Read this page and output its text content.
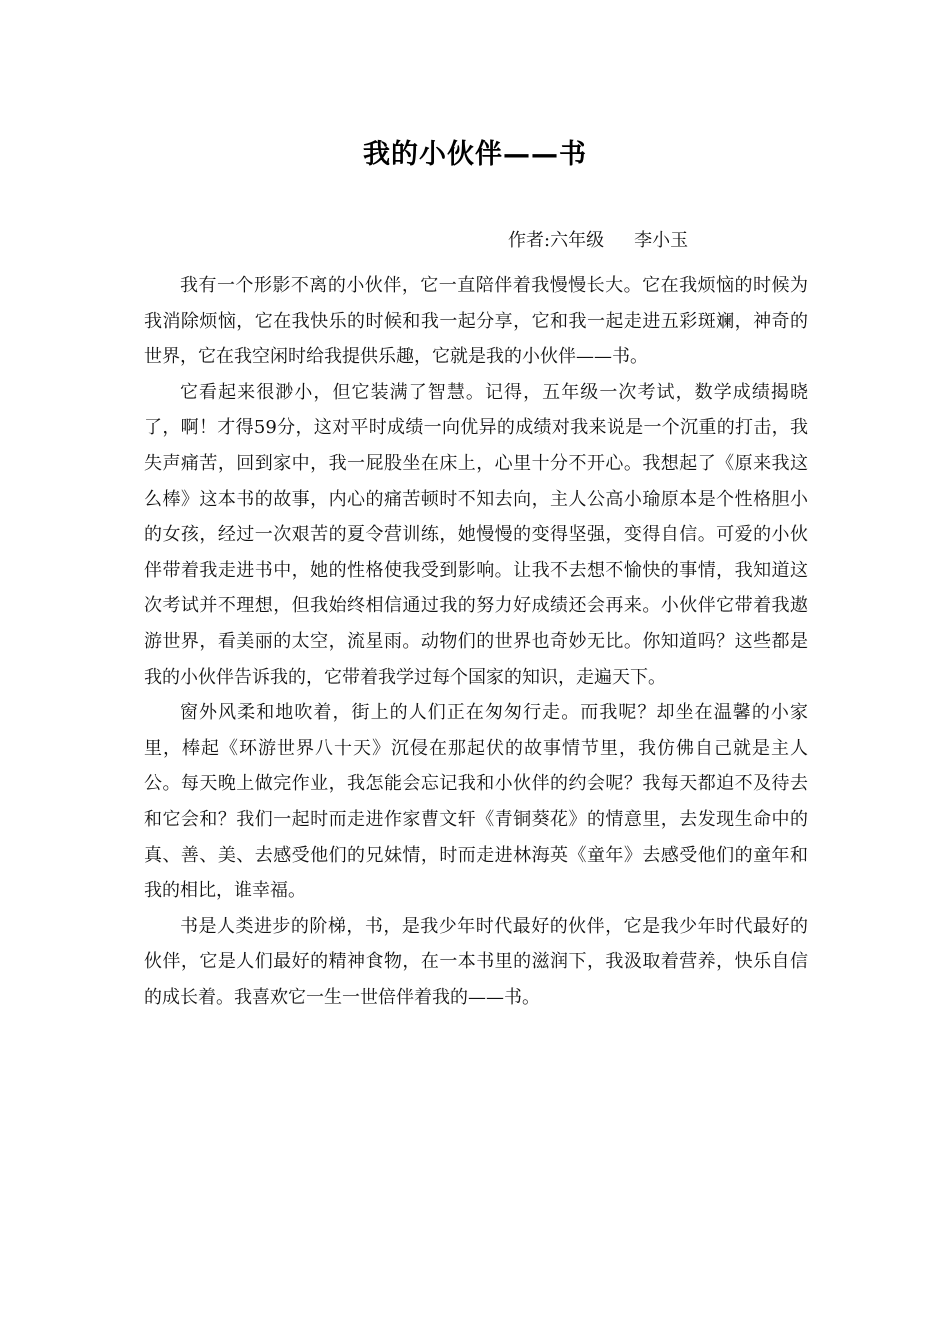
我的小伙伴——书
作者:六年级 李小玉

我有一个形影不离的小伙伴，它一直陪伴着我慢慢长大。它在我烦恼的时候为我消除烦恼，它在我快乐的时候和我一起分享，它和我一起走进五彩斑斓，神奇的世界，它在我空闲时给我提供乐趣，它就是我的小伙伴——书。

它看起来很渺小，但它装满了智慧。记得，五年级一次考试，数学成绩揭晓了，啊！才得59分，这对平时成绩一向优异的成绩对我来说是一个沉重的打击，我失声痛苦，回到家中，我一屁股坐在床上，心里十分不开心。我想起了《原来我这么棒》这本书的故事，内心的痛苦顿时不知去向，主人公高小瑜原本是个性格胆小的女孩，经过一次艰苦的夏令营训练，她慢慢的变得坚强，变得自信。可爱的小伙伴带着我走进书中，她的性格使我受到影响。让我不去想不愉快的事情，我知道这次考试并不理想，但我始终相信通过我的努力好成绩还会再来。小伙伴它带着我遨游世界，看美丽的太空，流星雨。动物们的世界也奇妙无比。你知道吗？这些都是我的小伙伴告诉我的，它带着我学过每个国家的知识，走遍天下。

窗外风柔和地吹着，街上的人们正在匆匆行走。而我呢？却坐在温馨的小家里，棒起《环游世界八十天》沉侵在那起伏的故事情节里，我仿佛自己就是主人公。每天晚上做完作业，我怎能会忘记我和小伙伴的约会呢？我每天都迫不及待去和它会和？我们一起时而走进作家曹文轩《青铜葵花》的情意里，去发现生命中的真、善、美、去感受他们的兄妹情，时而走进林海英《童年》去感受他们的童年和我的相比，谁幸福。

书是人类进步的阶梯，书，是我少年时代最好的伙伴，它是我少年时代最好的伙伴，它是人们最好的精神食物，在一本书里的滋润下，我汲取着营养，快乐自信的成长着。我喜欢它一生一世倍伴着我的——书。
